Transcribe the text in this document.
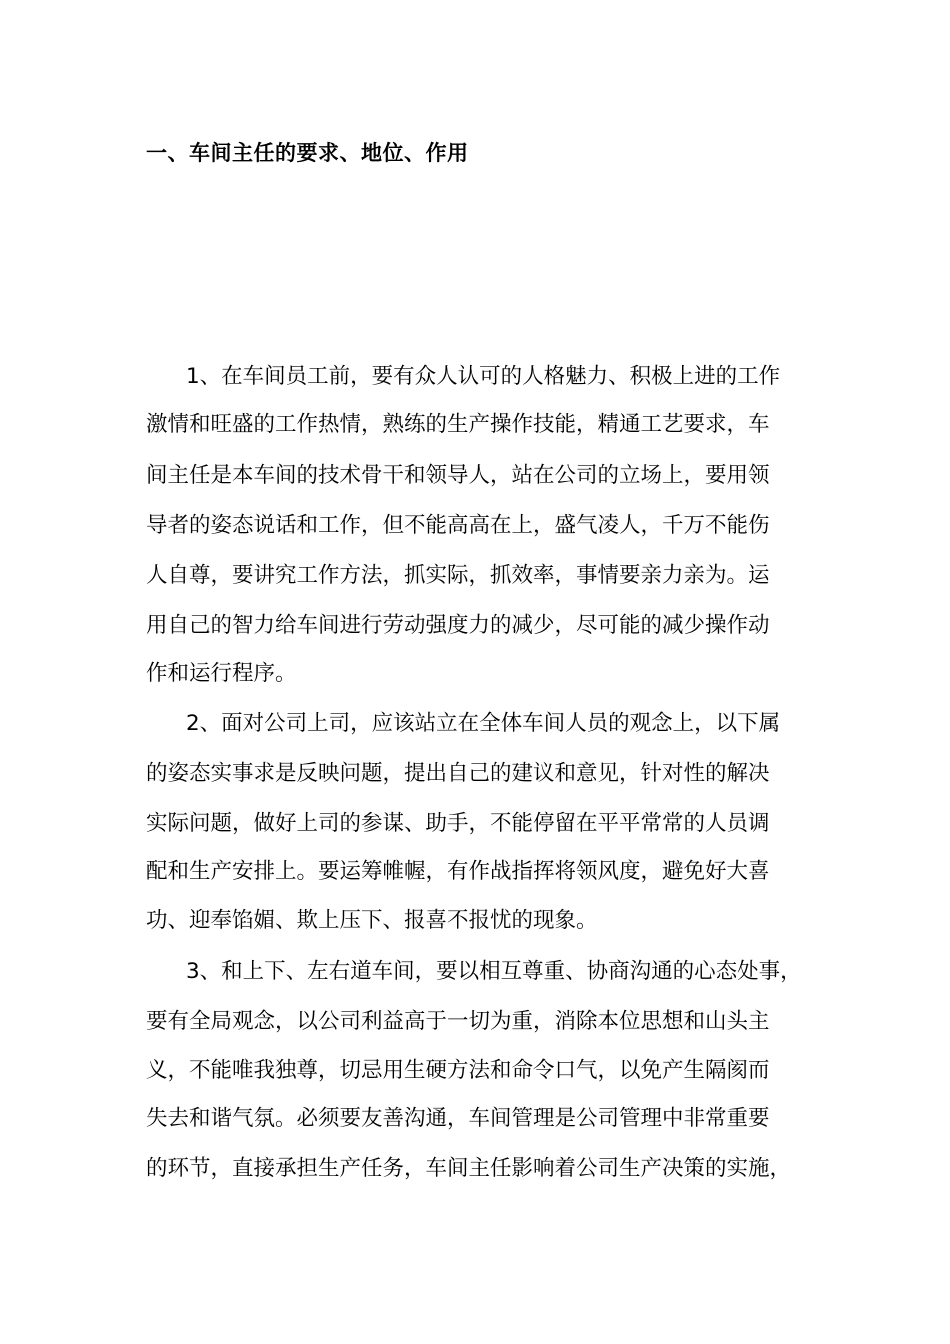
一、车间主任的要求、地位、作用

1、在车间员工前，要有众人认可的人格魅力、积极上进的工作

激情和旺盛的工作热情，熟练的生产操作技能，精通工艺要求，车

间主任是本车间的技术骨干和领导人，站在公司的立场上，要用领

导者的姿态说话和工作，但不能高高在上，盛气凌人，千万不能伤

人自尊，要讲究工作方法，抓实际，抓效率，事情要亲力亲为。运

用自己的智力给车间进行劳动强度力的减少，尽可能的减少操作动

作和运行程序。

2、面对公司上司，应该站立在全体车间人员的观念上，以下属

的姿态实事求是反映问题，提出自己的建议和意见，针对性的解决

实际问题，做好上司的参谋、助手，不能停留在平平常常的人员调

配和生产安排上。要运筹帷幄，有作战指挥将领风度，避免好大喜

功、迎奉馅媚、欺上压下、报喜不报忧的现象。

3、和上下、左右道车间，要以相互尊重、协商沟通的心态处事，

要有全局观念，以公司利益高于一切为重，消除本位思想和山头主

义，不能唯我独尊，切忌用生硬方法和命令口气，以免产生隔阂而

失去和谐气氛。必须要友善沟通，车间管理是公司管理中非常重要

的环节，直接承担生产任务，车间主任影响着公司生产决策的实施，
